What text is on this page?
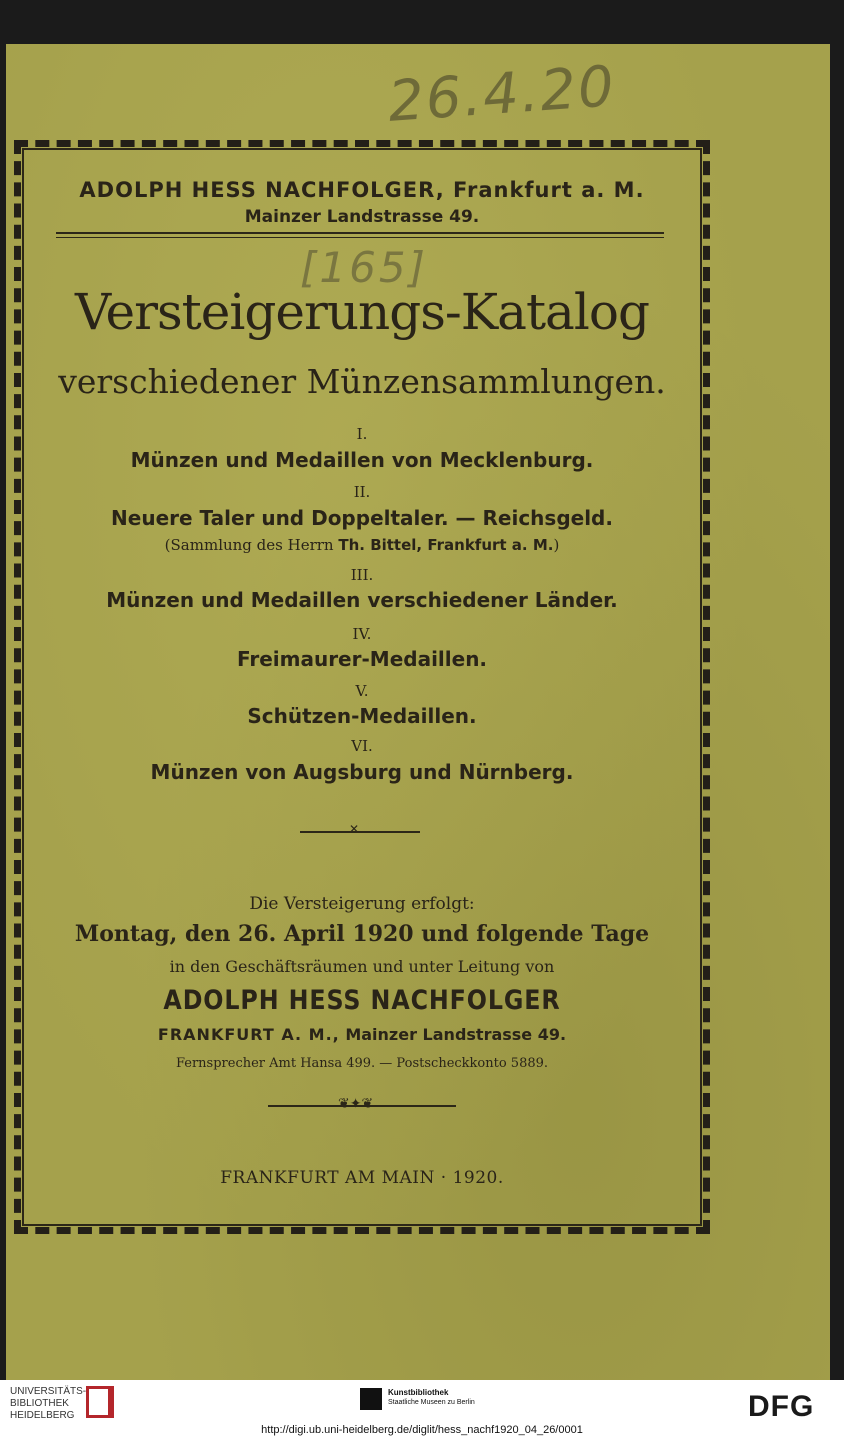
26.4.20
[165]
ADOLPH HESS NACHFOLGER, Frankfurt a. M.
Mainzer Landstrasse 49.
Versteigerungs-Katalog
verschiedener Münzensammlungen.
I.
Münzen und Medaillen von Mecklenburg.
II.
Neuere Taler und Doppeltaler. — Reichsgeld.
(Sammlung des Herrn Th. Bittel, Frankfurt a. M.)
III.
Münzen und Medaillen verschiedener Länder.
IV.
Freimaurer-Medaillen.
V.
Schützen-Medaillen.
VI.
Münzen von Augsburg und Nürnberg.
✕
Die Versteigerung erfolgt:
Montag, den 26. April 1920 und folgende Tage
in den Geschäftsräumen und unter Leitung von
ADOLPH HESS NACHFOLGER
FRANKFURT A. M., Mainzer Landstrasse 49.
Fernsprecher Amt Hansa 499. — Postscheckkonto 5889.
❦✦❦
FRANKFURT AM MAIN · 1920.
UNIVERSITÄTS-
BIBLIOTHEK
HEIDELBERG
Kunstbibliothek
Staatliche Museen zu Berlin	DFG
http://digi.ub.uni-heidelberg.de/diglit/hess_nachf1920_04_26/0001
